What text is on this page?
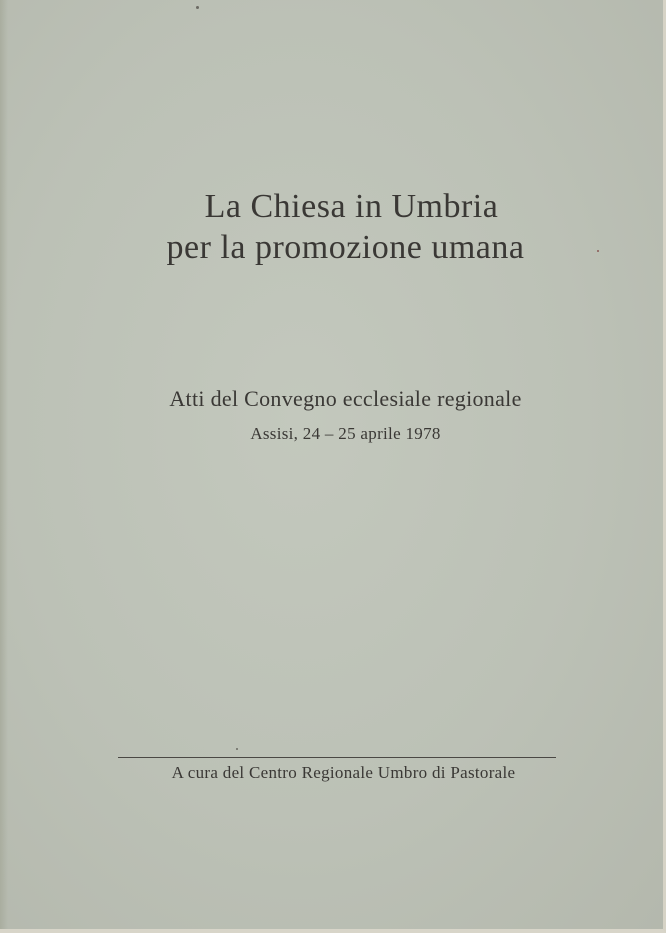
La Chiesa in Umbria
per la promozione umana
Atti del Convegno ecclesiale regionale
Assisi, 24 – 25 aprile 1978
A cura del Centro Regionale Umbro di Pastorale
